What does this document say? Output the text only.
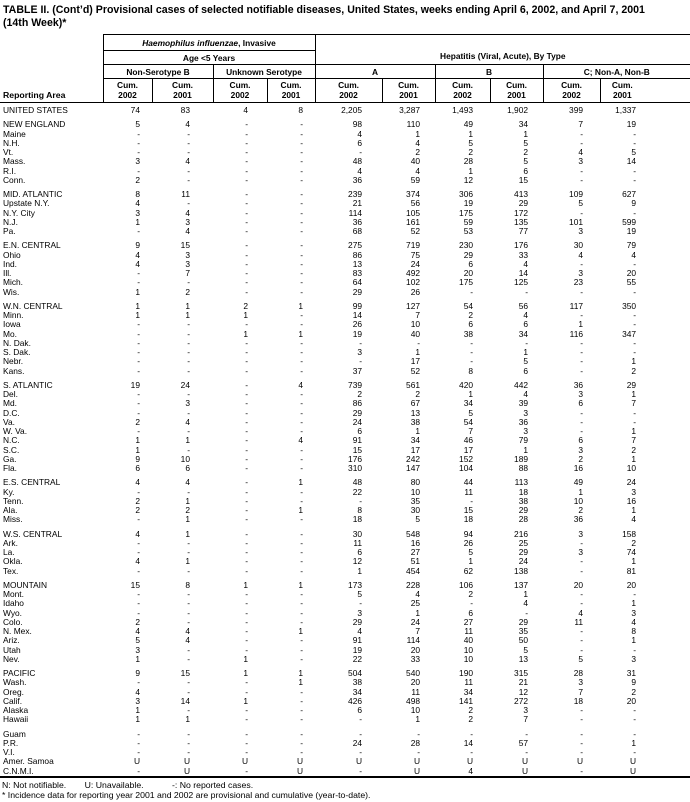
TABLE II. (Cont’d) Provisional cases of selected notifiable diseases, United States, weeks ending April 6, 2002, and April 7, 2001
(14th Week)*
Reporting Area	Haemophilus influenzae, Invasive				Hepatitis (Viral, Acute), By Type					
	Age <5 Years									
	Non-Serotype B		Unknown Serotype		A		B		C; Non-A, Non-B	

Cum.
2002

Cum.
2001

Cum.
2002

Cum.
2001

Cum.
2002

Cum.
2001

Cum.
2002

Cum.
2001

Cum.
2002

Cum.
2001

UNITED STATES	74	83	4	8	2,205	3,287	1,493	1,902	399	1,337

NEW ENGLAND	5	4	-	-	98	110	49	34	7	19
Maine	-	-	-	-	4	1	1	1	-	-
N.H.	-	-	-	-	6	4	5	5	-	-
Vt.	-	-	-	-	-	2	2	2	4	5
Mass.	3	4	-	-	48	40	28	5	3	14
R.I.	-	-	-	-	4	4	1	6	-	-
Conn.	2	-	-	-	36	59	12	15	-	-

MID. ATLANTIC	8	11	-	-	239	374	306	413	109	627
Upstate N.Y.	4	-	-	-	21	56	19	29	5	9
N.Y. City	3	4	-	-	114	105	175	172	-	-
N.J.	1	3	-	-	36	161	59	135	101	599
Pa.	-	4	-	-	68	52	53	77	3	19

E.N. CENTRAL	9	15	-	-	275	719	230	176	30	79
Ohio	4	3	-	-	86	75	29	33	4	4
Ind.	4	3	-	-	13	24	6	4	-	-
Ill.	-	7	-	-	83	492	20	14	3	20
Mich.	-	-	-	-	64	102	175	125	23	55
Wis.	1	2	-	-	29	26	-	-	-	-

W.N. CENTRAL	1	1	2	1	99	127	54	56	117	350
Minn.	1	1	1	-	14	7	2	4	-	-
Iowa	-	-	-	-	26	10	6	6	1	-
Mo.	-	-	1	1	19	40	38	34	116	347
N. Dak.	-	-	-	-	-	-	-	-	-	-
S. Dak.	-	-	-	-	3	1	-	1	-	-
Nebr.	-	-	-	-	-	17	-	5	-	1
Kans.	-	-	-	-	37	52	8	6	-	2

S. ATLANTIC	19	24	-	4	739	561	420	442	36	29
Del.	-	-	-	-	2	2	1	4	3	1
Md.	-	3	-	-	86	67	34	39	6	7
D.C.	-	-	-	-	29	13	5	3	-	-
Va.	2	4	-	-	24	38	54	36	-	-
W. Va.	-	-	-	-	6	1	7	3	-	1
N.C.	1	1	-	4	91	34	46	79	6	7
S.C.	1	-	-	-	15	17	17	1	3	2
Ga.	9	10	-	-	176	242	152	189	2	1
Fla.	6	6	-	-	310	147	104	88	16	10

E.S. CENTRAL	4	4	-	1	48	80	44	113	49	24
Ky.	-	-	-	-	22	10	11	18	1	3
Tenn.	2	1	-	-	-	35	-	38	10	16
Ala.	2	2	-	1	8	30	15	29	2	1
Miss.	-	1	-	-	18	5	18	28	36	4

W.S. CENTRAL	4	1	-	-	30	548	94	216	3	158
Ark.	-	-	-	-	11	16	26	25	-	2
La.	-	-	-	-	6	27	5	29	3	74
Okla.	4	1	-	-	12	51	1	24	-	1
Tex.	-	-	-	-	1	454	62	138	-	81

MOUNTAIN	15	8	1	1	173	228	106	137	20	20
Mont.	-	-	-	-	5	4	2	1	-	-
Idaho	-	-	-	-	-	25	-	4	-	1
Wyo.	-	-	-	-	3	1	6	-	4	3
Colo.	2	-	-	-	29	24	27	29	11	4
N. Mex.	4	4	-	1	4	7	11	35	-	8
Ariz.	5	4	-	-	91	114	40	50	-	1
Utah	3	-	-	-	19	20	10	5	-	-
Nev.	1	-	1	-	22	33	10	13	5	3

PACIFIC	9	15	1	1	504	540	190	315	28	31
Wash.	-	-	-	1	38	20	11	21	3	9
Oreg.	4	-	-	-	34	11	34	12	7	2
Calif.	3	14	1	-	426	498	141	272	18	20
Alaska	1	-	-	-	6	10	2	3	-	-
Hawaii	1	1	-	-	-	1	2	7	-	-

Guam	-	-	-	-	-	-	-	-	-	-
P.R.	-	-	-	-	24	28	14	57	-	1
V.I.	-	-	-	-	-	-	-	-	-	-
Amer. Samoa	U	U	U	U	U	U	U	U	U	U
C.N.M.I.	-	U	-	U	-	U	4	U	-	U
N: Not notifiable. U: Unavailable.	-: No reported cases.
* Incidence data for reporting year 2001 and 2002 are provisional and cumulative (year-to-date).
